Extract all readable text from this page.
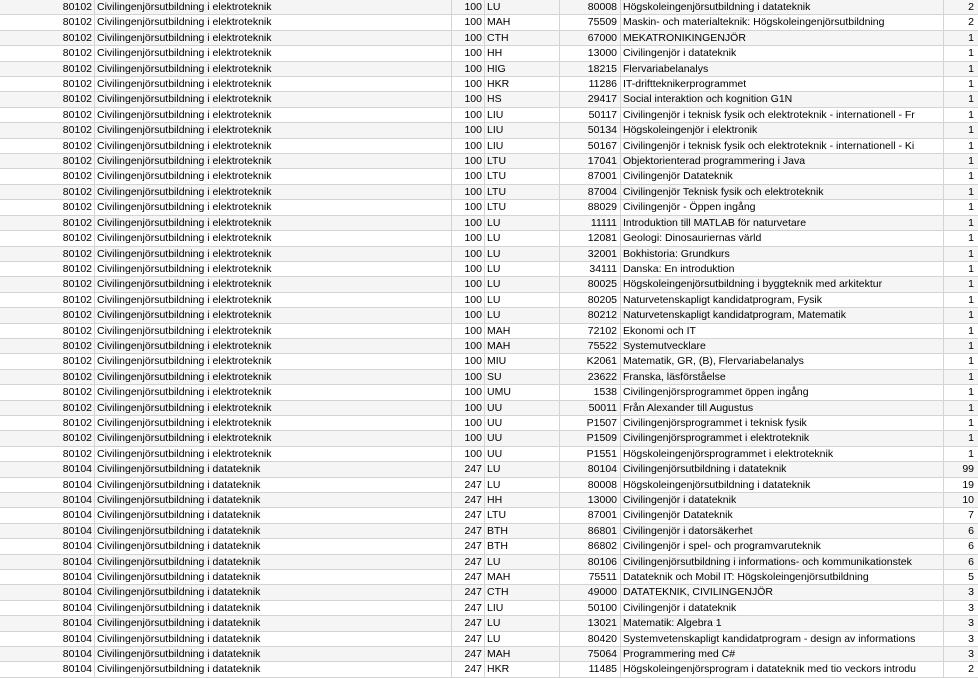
80102	Civilingenjörsutbildning i elektroteknik	100	LU	80008	Högskoleingenjörsutbildning i datateknik	2
80102	Civilingenjörsutbildning i elektroteknik	100	MAH	75509	Maskin- och materialteknik: Högskoleingenjörsutbildning	2
80102	Civilingenjörsutbildning i elektroteknik	100	CTH	67000	MEKATRONIKINGENJÖR	1
80102	Civilingenjörsutbildning i elektroteknik	100	HH	13000	Civilingenjör i datateknik	1
80102	Civilingenjörsutbildning i elektroteknik	100	HIG	18215	Flervariabelanalys	1
80102	Civilingenjörsutbildning i elektroteknik	100	HKR	11286	IT-driftteknikerprogrammet	1
80102	Civilingenjörsutbildning i elektroteknik	100	HS	29417	Social interaktion och kognition G1N	1
80102	Civilingenjörsutbildning i elektroteknik	100	LIU	50117	Civilingenjör i teknisk fysik och elektroteknik - internationell - Fr	1
80102	Civilingenjörsutbildning i elektroteknik	100	LIU	50134	Högskoleingenjör i elektronik	1
80102	Civilingenjörsutbildning i elektroteknik	100	LIU	50167	Civilingenjör i teknisk fysik och elektroteknik - internationell - Ki	1
80102	Civilingenjörsutbildning i elektroteknik	100	LTU	17041	Objektorienterad programmering i Java	1
80102	Civilingenjörsutbildning i elektroteknik	100	LTU	87001	Civilingenjör Datateknik	1
80102	Civilingenjörsutbildning i elektroteknik	100	LTU	87004	Civilingenjör Teknisk fysik och elektroteknik	1
80102	Civilingenjörsutbildning i elektroteknik	100	LTU	88029	Civilingenjör - Öppen ingång	1
80102	Civilingenjörsutbildning i elektroteknik	100	LU	11111	Introduktion till MATLAB för naturvetare	1
80102	Civilingenjörsutbildning i elektroteknik	100	LU	12081	Geologi: Dinosauriernas värld	1
80102	Civilingenjörsutbildning i elektroteknik	100	LU	32001	Bokhistoria: Grundkurs	1
80102	Civilingenjörsutbildning i elektroteknik	100	LU	34111	Danska: En introduktion	1
80102	Civilingenjörsutbildning i elektroteknik	100	LU	80025	Högskoleingenjörsutbildning i byggteknik med arkitektur	1
80102	Civilingenjörsutbildning i elektroteknik	100	LU	80205	Naturvetenskapligt kandidatprogram, Fysik	1
80102	Civilingenjörsutbildning i elektroteknik	100	LU	80212	Naturvetenskapligt kandidatprogram, Matematik	1
80102	Civilingenjörsutbildning i elektroteknik	100	MAH	72102	Ekonomi och IT	1
80102	Civilingenjörsutbildning i elektroteknik	100	MAH	75522	Systemutvecklare	1
80102	Civilingenjörsutbildning i elektroteknik	100	MIU	K2061	Matematik, GR, (B), Flervariabelanalys	1
80102	Civilingenjörsutbildning i elektroteknik	100	SU	23622	Franska, läsförståelse	1
80102	Civilingenjörsutbildning i elektroteknik	100	UMU	1538	Civilingenjörsprogrammet öppen ingång	1
80102	Civilingenjörsutbildning i elektroteknik	100	UU	50011	Från Alexander till Augustus	1
80102	Civilingenjörsutbildning i elektroteknik	100	UU	P1507	Civilingenjörsprogrammet i teknisk fysik	1
80102	Civilingenjörsutbildning i elektroteknik	100	UU	P1509	Civilingenjörsprogrammet i elektroteknik	1
80102	Civilingenjörsutbildning i elektroteknik	100	UU	P1551	Högskoleingenjörsprogrammet i elektroteknik	1
80104	Civilingenjörsutbildning i datateknik	247	LU	80104	Civilingenjörsutbildning i datateknik	99
80104	Civilingenjörsutbildning i datateknik	247	LU	80008	Högskoleingenjörsutbildning i datateknik	19
80104	Civilingenjörsutbildning i datateknik	247	HH	13000	Civilingenjör i datateknik	10
80104	Civilingenjörsutbildning i datateknik	247	LTU	87001	Civilingenjör Datateknik	7
80104	Civilingenjörsutbildning i datateknik	247	BTH	86801	Civilingenjör i datorsäkerhet	6
80104	Civilingenjörsutbildning i datateknik	247	BTH	86802	Civilingenjör i spel- och programvaruteknik	6
80104	Civilingenjörsutbildning i datateknik	247	LU	80106	Civilingenjörsutbildning i informations- och kommunikationstek	6
80104	Civilingenjörsutbildning i datateknik	247	MAH	75511	Datateknik och Mobil IT: Högskoleingenjörsutbildning	5
80104	Civilingenjörsutbildning i datateknik	247	CTH	49000	DATATEKNIK, CIVILINGENJÖR	3
80104	Civilingenjörsutbildning i datateknik	247	LIU	50100	Civilingenjör i datateknik	3
80104	Civilingenjörsutbildning i datateknik	247	LU	13021	Matematik: Algebra 1	3
80104	Civilingenjörsutbildning i datateknik	247	LU	80420	Systemvetenskapligt kandidatprogram - design av informations	3
80104	Civilingenjörsutbildning i datateknik	247	MAH	75064	Programmering med C#	3
80104	Civilingenjörsutbildning i datateknik	247	HKR	11485	Högskoleingenjörsprogram i datateknik med tio veckors introdu	2
